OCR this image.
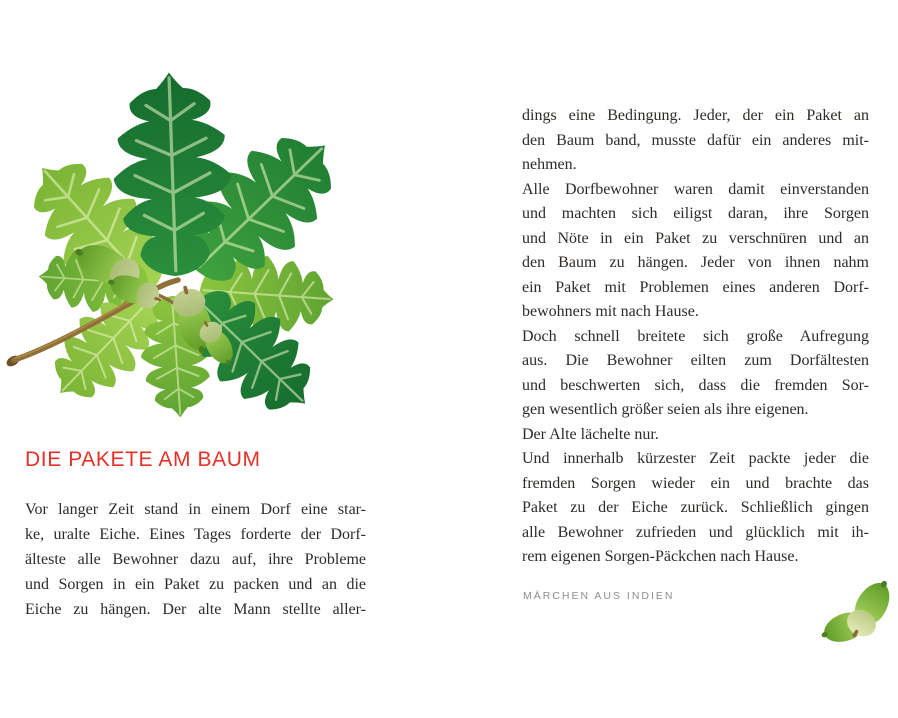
DIE PAKETE AM BAUM
Vor langer Zeit stand in einem Dorf eine star-
ke, uralte Eiche. Eines Tages forderte der Dorf-
älteste alle Bewohner dazu auf, ihre Probleme
und Sorgen in ein Paket zu packen und an die
Eiche zu hängen. Der alte Mann stellte aller-
dings eine Bedingung. Jeder, der ein Paket an
den Baum band, musste dafür ein anderes mit-
nehmen.
Alle Dorfbewohner waren damit einverstanden
und machten sich eiligst daran, ihre Sorgen
und Nöte in ein Paket zu verschnüren und an
den Baum zu hängen. Jeder von ihnen nahm
ein Paket mit Problemen eines anderen Dorf-
bewohners mit nach Hause.
Doch schnell breitete sich große Aufregung
aus. Die Bewohner eilten zum Dorfältesten
und beschwerten sich, dass die fremden Sor-
gen wesentlich größer seien als ihre eigenen.
Der Alte lächelte nur.
Und innerhalb kürzester Zeit packte jeder die
fremden Sorgen wieder ein und brachte das
Paket zu der Eiche zurück. Schließlich gingen
alle Bewohner zufrieden und glücklich mit ih-
rem eigenen Sorgen-Päckchen nach Hause.
MÄRCHEN AUS INDIEN
